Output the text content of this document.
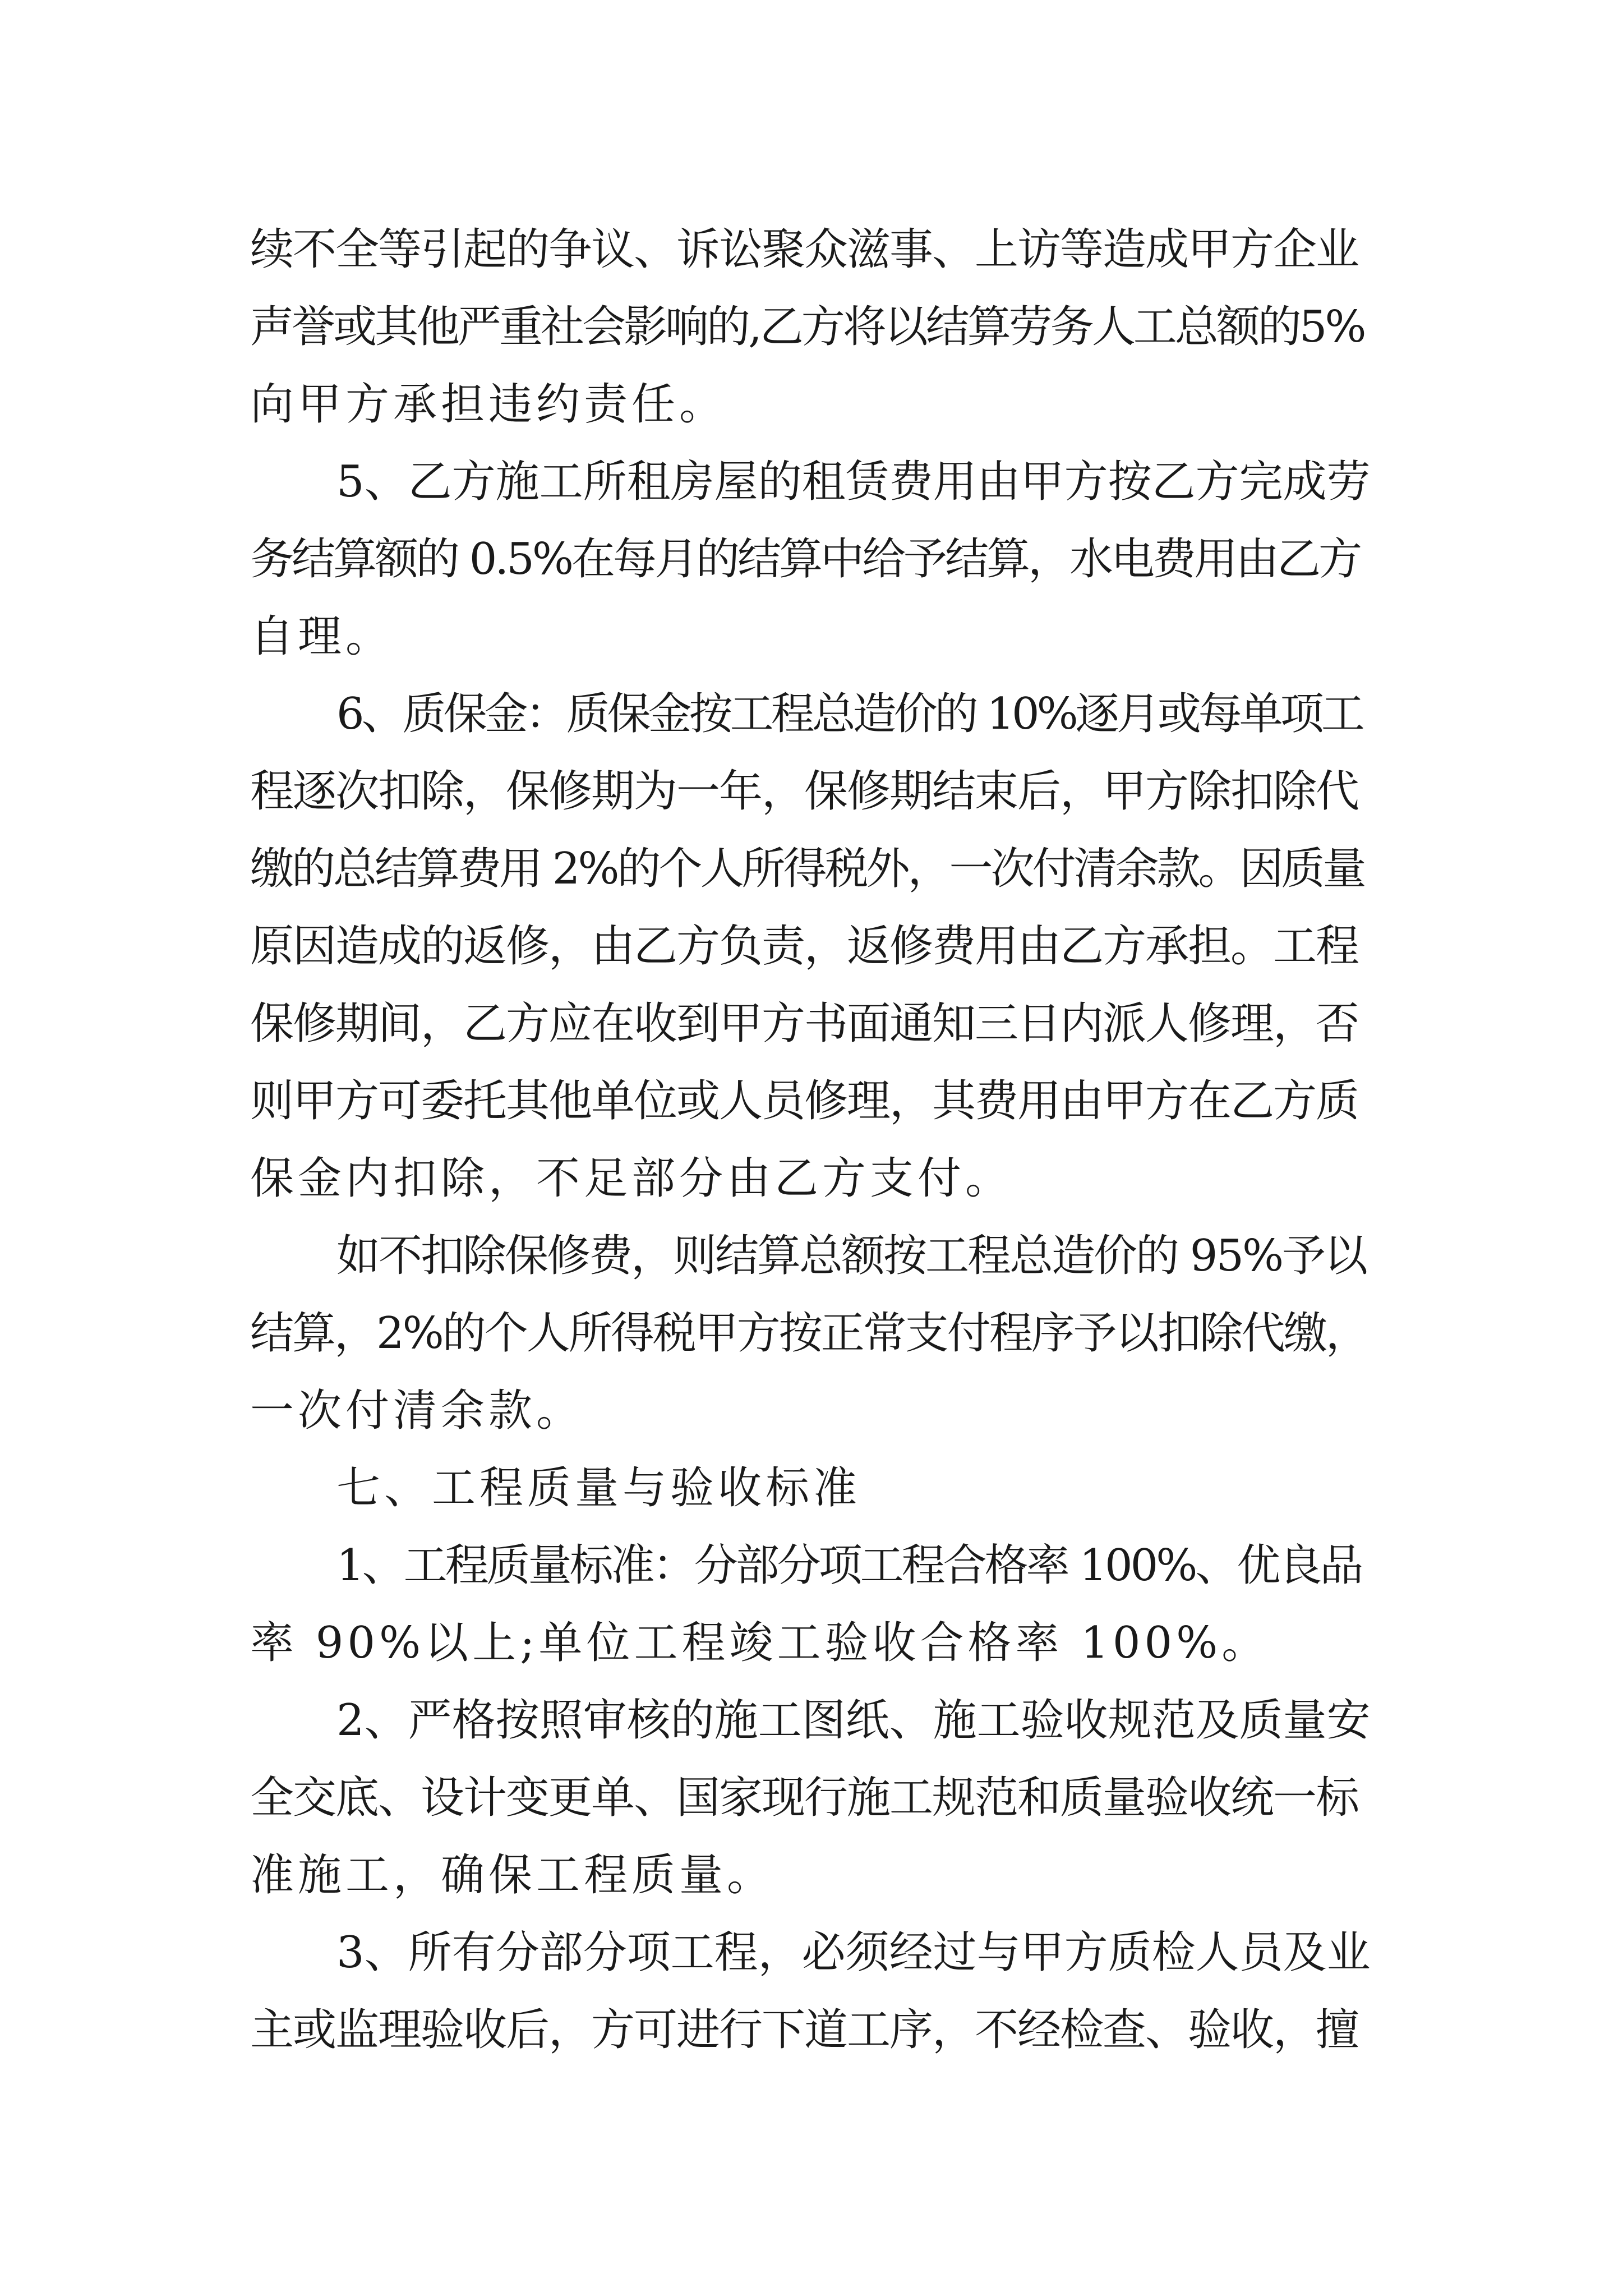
续不全等引起的争议、诉讼聚众滋事、上访等造成甲方企业
声誉或其他严重社会影响的,乙方将以结算劳务人工总额的5%
向甲方承担违约责任。
5、乙方施工所租房屋的租赁费用由甲方按乙方完成劳
务结算额的 0.5%在每月的结算中给予结算，水电费用由乙方
自理。
6、质保金：质保金按工程总造价的 10%逐月或每单项工
程逐次扣除，保修期为一年，保修期结束后，甲方除扣除代
缴的总结算费用 2%的个人所得税外，一次付清余款。因质量
原因造成的返修，由乙方负责，返修费用由乙方承担。工程
保修期间，乙方应在收到甲方书面通知三日内派人修理，否
则甲方可委托其他单位或人员修理，其费用由甲方在乙方质
保金内扣除，不足部分由乙方支付。
如不扣除保修费，则结算总额按工程总造价的 95%予以
结算，2%的个人所得税甲方按正常支付程序予以扣除代缴，
一次付清余款。
七、工程质量与验收标准
1、工程质量标准：分部分项工程合格率 100%、优良品
率 90%以上;单位工程竣工验收合格率 100%。
2、严格按照审核的施工图纸、施工验收规范及质量安
全交底、设计变更单、国家现行施工规范和质量验收统一标
准施工，确保工程质量。
3、所有分部分项工程，必须经过与甲方质检人员及业
主或监理验收后，方可进行下道工序，不经检查、验收，擅
